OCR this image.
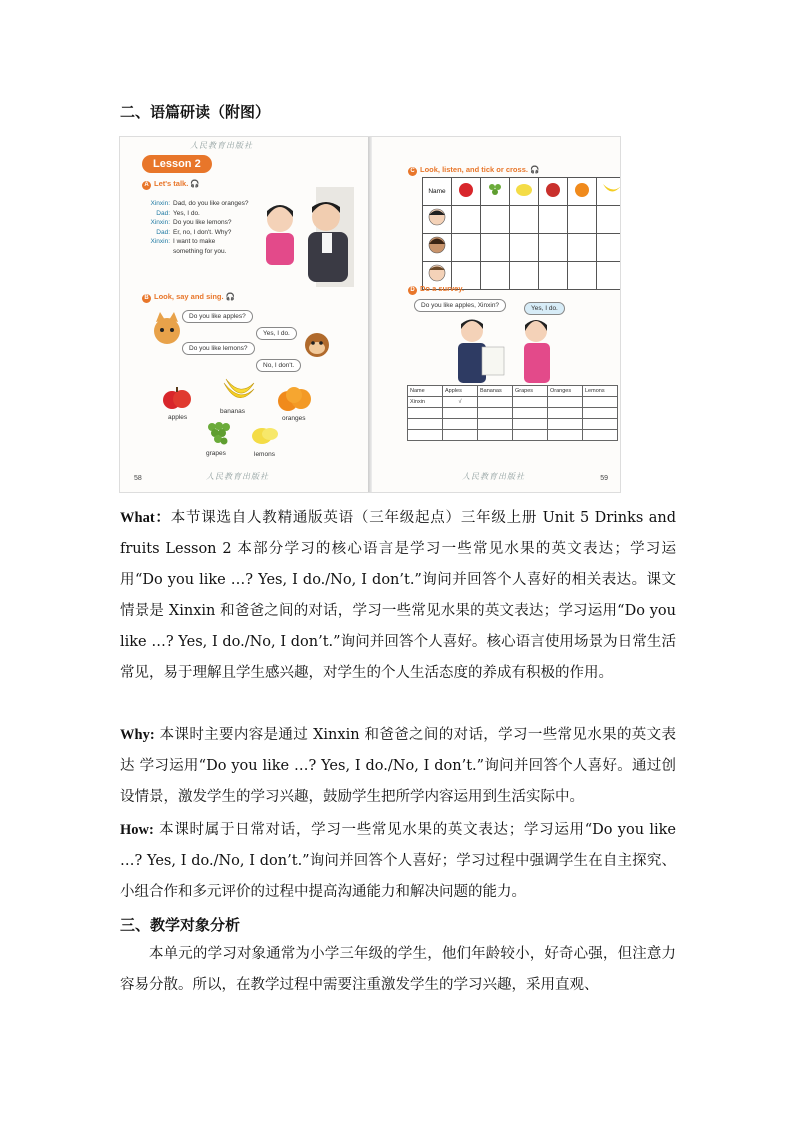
二、语篇研读（附图）
人民教育出版社
Lesson 2
A Let's talk. 🎧
Xinxin: Dad, do you like oranges?
Dad: Yes, I do.
Xinxin: Do you like lemons?
Dad: Er, no, I don't. Why?
Xinxin: I want to make
something for you.
B Look, say and sing. 🎧
Do you like apples?
Yes, I do.
Do you like lemons?
No, I don't.
apples
bananas
oranges
grapes	lemons
58	人民教育出版社
C Look, listen, and tick or cross. 🎧
Name						

D Do a survey.
Do you like apples, Xinxin?	Yes, I do.
Name	Apples	Bananas	Grapes	Oranges	Lemons
Xinxin	√				

人民教育出版社	59
What：本节课选自人教精通版英语（三年级起点）三年级上册 Unit 5 Drinks and fruits Lesson 2 本部分学习的核心语言是学习一些常见水果的英文表达；学习运用“Do you like …? Yes, I do./No, I don’t.”询问并回答个人喜好的相关表达。课文情景是 Xinxin 和爸爸之间的对话，学习一些常见水果的英文表达；学习运用“Do you like …? Yes, I do./No, I don’t.”询问并回答个人喜好。核心语言使用场景为日常生活常见，易于理解且学生感兴趣，对学生的个人生活态度的养成有积极的作用。
Why: 本课时主要内容是通过 Xinxin 和爸爸之间的对话，学习一些常见水果的英文表达 学习运用“Do you like …? Yes, I do./No, I don’t.”询问并回答个人喜好。通过创设情景，激发学生的学习兴趣，鼓励学生把所学内容运用到生活实际中。
How: 本课时属于日常对话，学习一些常见水果的英文表达；学习运用“Do you like …? Yes, I do./No, I don’t.”询问并回答个人喜好；学习过程中强调学生在自主探究、小组合作和多元评价的过程中提高沟通能力和解决问题的能力。
三、教学对象分析
本单元的学习对象通常为小学三年级的学生，他们年龄较小，好奇心强，但注意力容易分散。所以，在教学过程中需要注重激发学生的学习兴趣，采用直观、
